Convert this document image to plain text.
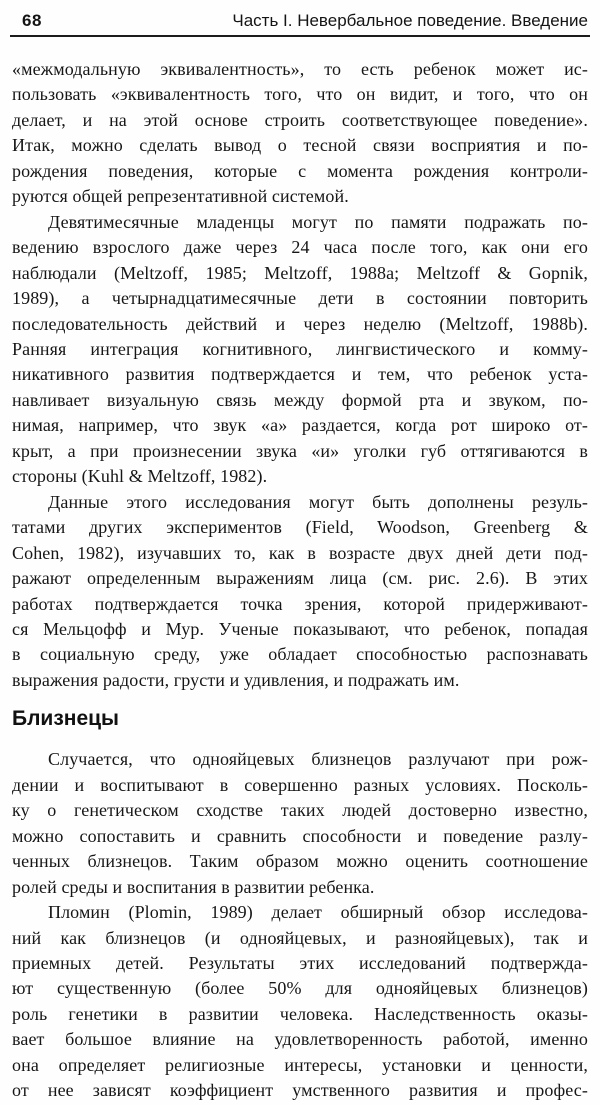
68	Часть I. Невербальное поведение. Введение
«межмодальную эквивалентность», то есть ребенок может ис-
пользовать «эквивалентность того, что он видит, и того, что он
делает, и на этой основе строить соответствующее поведение».
Итак, можно сделать вывод о тесной связи восприятия и по-
рождения поведения, которые с момента рождения контроли-
руются общей репрезентативной системой.
Девятимесячные младенцы могут по памяти подражать по-
ведению взрослого даже через 24 часа после того, как они его
наблюдали (Meltzoff, 1985; Meltzoff, 1988a; Meltzoff & Gopnik,
1989), а четырнадцатимесячные дети в состоянии повторить
последовательность действий и через неделю (Meltzoff, 1988b).
Ранняя интеграция когнитивного, лингвистического и комму-
никативного развития подтверждается и тем, что ребенок уста-
навливает визуальную связь между формой рта и звуком, по-
нимая, например, что звук «а» раздается, когда рот широко от-
крыт, а при произнесении звука «и» уголки губ оттягиваются в
стороны (Kuhl & Meltzoff, 1982).
Данные этого исследования могут быть дополнены резуль-
татами других экспериментов (Field, Woodson, Greenberg &
Cohen, 1982), изучавших то, как в возрасте двух дней дети под-
ражают определенным выражениям лица (см. рис. 2.6). В этих
работах подтверждается точка зрения, которой придерживают-
ся Мельцофф и Мур. Ученые показывают, что ребенок, попадая
в социальную среду, уже обладает способностью распознавать
выражения радости, грусти и удивления, и подражать им.
Близнецы
Случается, что однояйцевых близнецов разлучают при рож-
дении и воспитывают в совершенно разных условиях. Посколь-
ку о генетическом сходстве таких людей достоверно известно,
можно сопоставить и сравнить способности и поведение разлу-
ченных близнецов. Таким образом можно оценить соотношение
ролей среды и воспитания в развитии ребенка.
Пломин (Plomin, 1989) делает обширный обзор исследова-
ний как близнецов (и однояйцевых, и разнояйцевых), так и
приемных детей. Результаты этих исследований подтвержда-
ют существенную (более 50% для однояйцевых близнецов)
роль генетики в развитии человека. Наследственность оказы-
вает большое влияние на удовлетворенность работой, именно
она определяет религиозные интересы, установки и ценности,
от нее зависят коэффициент умственного развития и профес-
